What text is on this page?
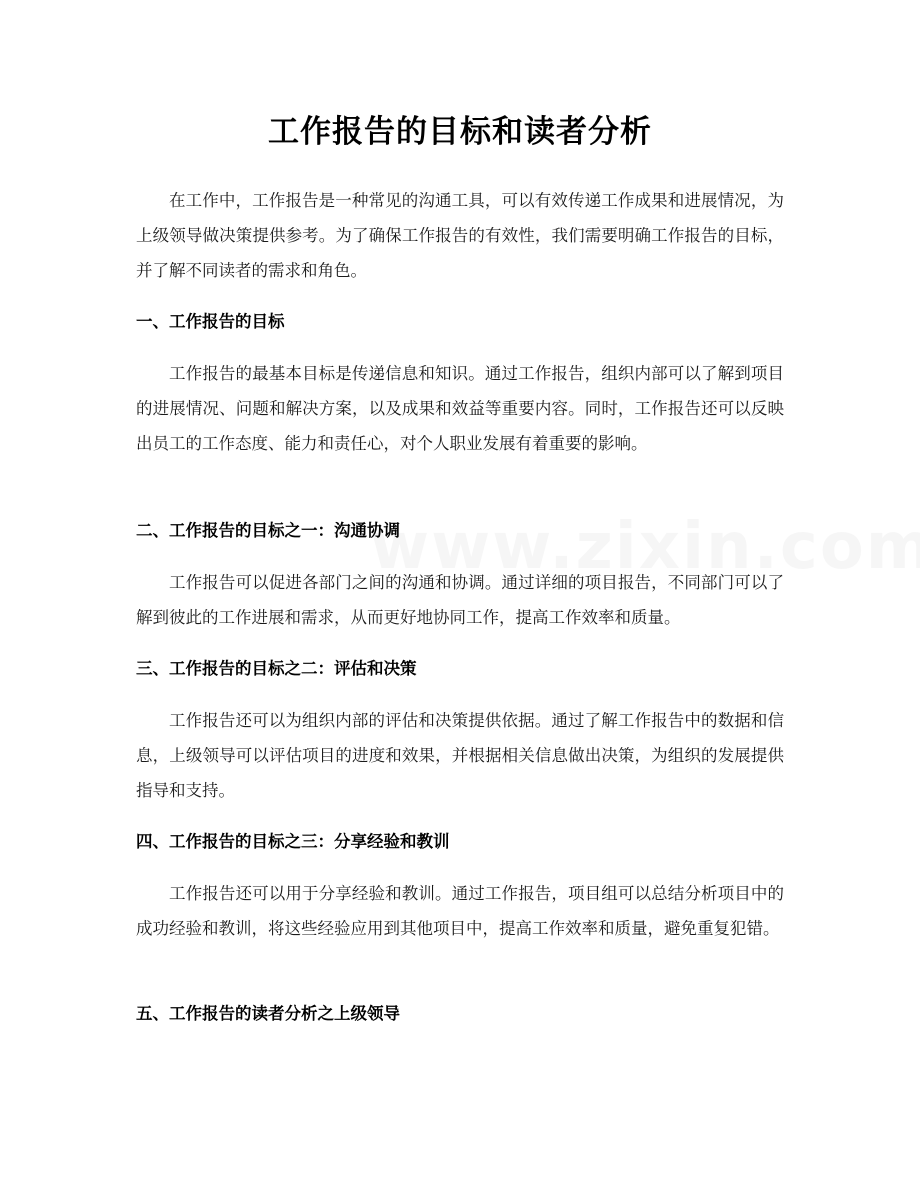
工作报告的目标和读者分析

在工作中，工作报告是一种常见的沟通工具，可以有效传递工作成果和进展情况，为上级领导做决策提供参考。为了确保工作报告的有效性，我们需要明确工作报告的目标，并了解不同读者的需求和角色。

一、工作报告的目标

工作报告的最基本目标是传递信息和知识。通过工作报告，组织内部可以了解到项目的进展情况、问题和解决方案，以及成果和效益等重要内容。同时，工作报告还可以反映出员工的工作态度、能力和责任心，对个人职业发展有着重要的影响。

二、工作报告的目标之一：沟通协调

工作报告可以促进各部门之间的沟通和协调。通过详细的项目报告，不同部门可以了解到彼此的工作进展和需求，从而更好地协同工作，提高工作效率和质量。

三、工作报告的目标之二：评估和决策

工作报告还可以为组织内部的评估和决策提供依据。通过了解工作报告中的数据和信息，上级领导可以评估项目的进度和效果，并根据相关信息做出决策，为组织的发展提供指导和支持。

四、工作报告的目标之三：分享经验和教训

工作报告还可以用于分享经验和教训。通过工作报告，项目组可以总结分析项目中的成功经验和教训，将这些经验应用到其他项目中，提高工作效率和质量，避免重复犯错。

五、工作报告的读者分析之上级领导
